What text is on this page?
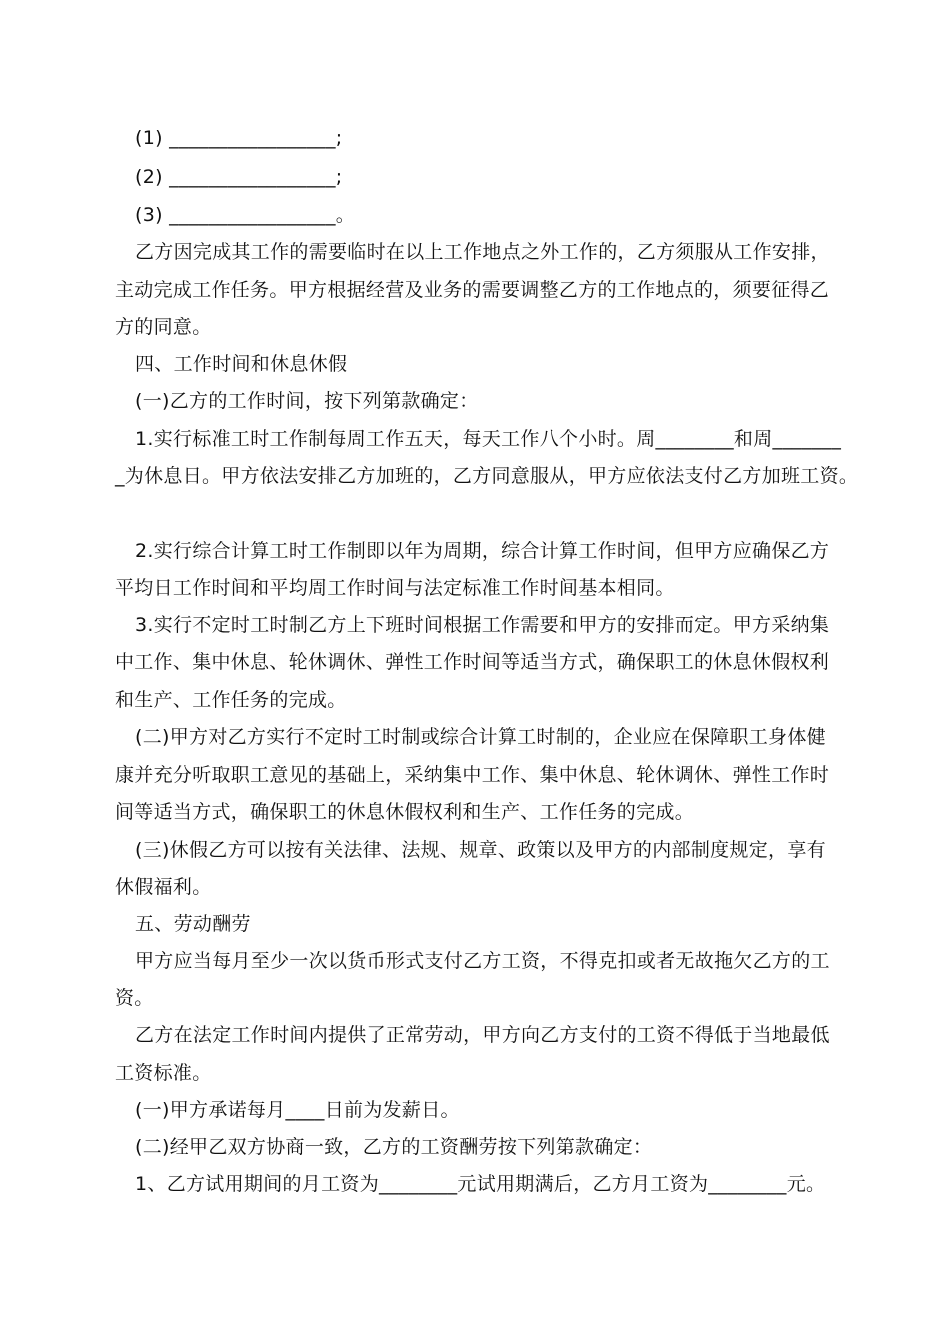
(1) _________________;
(2) _________________;
(3) _________________。
乙方因完成其工作的需要临时在以上工作地点之外工作的，乙方须服从工作安排，
主动完成工作任务。甲方根据经营及业务的需要调整乙方的工作地点的，须要征得乙
方的同意。
四、工作时间和休息休假
(一)乙方的工作时间，按下列第款确定：
1.实行标准工时工作制每周工作五天，每天工作八个小时。周________和周_______
_为休息日。甲方依法安排乙方加班的，乙方同意服从，甲方应依法支付乙方加班工资。
2.实行综合计算工时工作制即以年为周期，综合计算工作时间，但甲方应确保乙方
平均日工作时间和平均周工作时间与法定标准工作时间基本相同。
3.实行不定时工时制乙方上下班时间根据工作需要和甲方的安排而定。甲方采纳集
中工作、集中休息、轮休调休、弹性工作时间等适当方式，确保职工的休息休假权利
和生产、工作任务的完成。
(二)甲方对乙方实行不定时工时制或综合计算工时制的，企业应在保障职工身体健
康并充分听取职工意见的基础上，采纳集中工作、集中休息、轮休调休、弹性工作时
间等适当方式，确保职工的休息休假权利和生产、工作任务的完成。
(三)休假乙方可以按有关法律、法规、规章、政策以及甲方的内部制度规定，享有
休假福利。
五、劳动酬劳
甲方应当每月至少一次以货币形式支付乙方工资，不得克扣或者无故拖欠乙方的工
资。
乙方在法定工作时间内提供了正常劳动，甲方向乙方支付的工资不得低于当地最低
工资标准。
(一)甲方承诺每月____日前为发薪日。
(二)经甲乙双方协商一致，乙方的工资酬劳按下列第款确定：
1、乙方试用期间的月工资为________元试用期满后，乙方月工资为________元。
